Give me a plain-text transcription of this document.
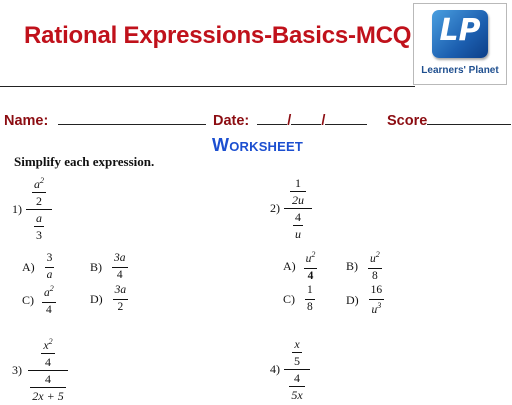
Rational Expressions-Basics-MCQ LP
Learners' Planet
Name:	Date:	/ /	Score
WORKSHEET
Simplify each expression.
$1) \frac{\frac{a^2}{2}}{\frac{a}{3}}$
$A) \frac{3}{a}$	$B) \frac{3a}{4}$
$C) \frac{a^2}{4}$	$D) \frac{3a}{2}$
$2) \frac{\frac{1}{2u}}{\frac{4}{u}}$
$A) \frac{u^2}{4} B) \frac{u^2}{8}$
$C) \frac{1}{8}$	$D) \frac{16}{u^3}$
$3) \frac{\frac{x^2}{4}}{\frac{4}{2x + 5}}$	$4) \frac{\frac{x}{5}}{\frac{4}{5x}}$
